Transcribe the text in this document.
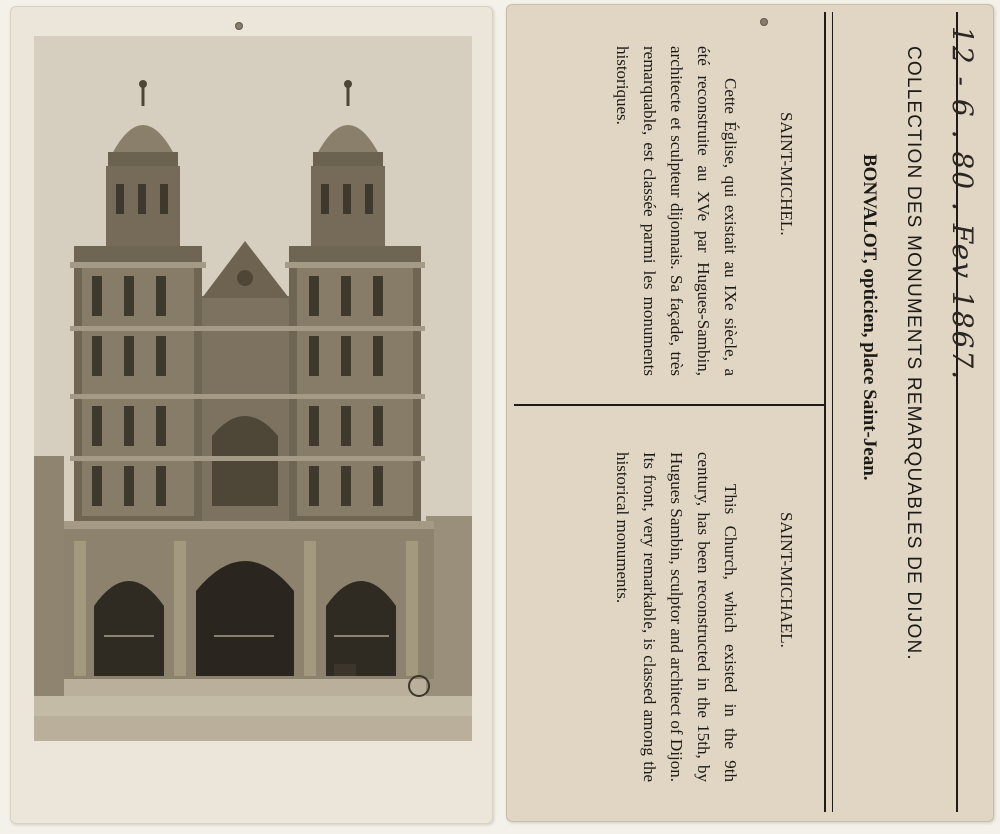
COLLECTION DES MONUMENTS REMARQUABLES DE DIJON.
BONVALOT, opticien, place Saint-Jean. 12 - 6 . 80 . Fev 1867.
SAINT-MICHEL.

Cette Église, qui existait au IXe siècle, a été reconstruite au XVe par Hugues-Sambin, architecte et sculpteur dijonnais. Sa façade, très remarquable, est classée parmi les monuments historiques.

SAINT-MICHAEL.

This Church, which existed in the 9th century, has been reconstructed in the 15th, by Hugues Sambin, sculptor and architect of Dijon. Its front, very remarkable, is classed among the historical monuments.
